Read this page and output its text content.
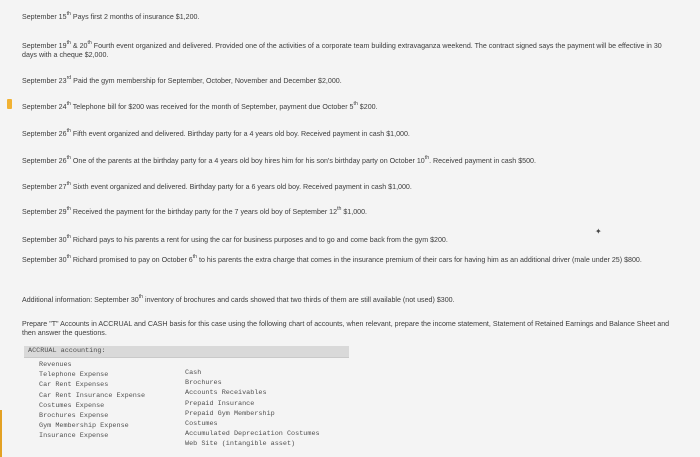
September 15th Pays first 2 months of insurance $1,200.
September 19th & 20th Fourth event organized and delivered. Provided one of the activities of a corporate team building extravaganza weekend. The contract signed says the payment will be effective in 30 days with a cheque $2,000.
September 23rd Paid the gym membership for September, October, November and December $2,000.
September 24th Telephone bill for $200 was received for the month of September, payment due October 5th $200.
September 26th Fifth event organized and delivered. Birthday party for a 4 years old boy. Received payment in cash $1,000.
September 26th One of the parents at the birthday party for a 4 years old boy hires him for his son's birthday party on October 10th. Received payment in cash $500.
September 27th Sixth event organized and delivered. Birthday party for a 6 years old boy. Received payment in cash $1,000.
September 29th Received the payment for the birthday party for the 7 years old boy of September 12th $1,000.
September 30th Richard pays to his parents a rent for using the car for business purposes and to go and come back from the gym $200.
✦
September 30th Richard promised to pay on October 6th to his parents the extra charge that comes in the insurance premium of their cars for having him as an additional driver (male under 25) $800.
Additional information: September 30th inventory of brochures and cards showed that two thirds of them are still available (not used) $300.
Prepare "T" Accounts in ACCRUAL and CASH basis for this case using the following chart of accounts, when relevant, prepare the income statement, Statement of Retained Earnings and Balance Sheet and then answer the questions.
ACCRUAL accounting:
Revenues
Telephone Expense
Car Rent Expenses
Car Rent Insurance Expense
Costumes Expense
Brochures Expense
Gym Membership Expense
Insurance Expense
Cash
Brochures
Accounts Receivables
Prepaid Insurance
Prepaid Gym Membership
Costumes
Accumulated Depreciation Costumes
Web Site (intangible asset)
